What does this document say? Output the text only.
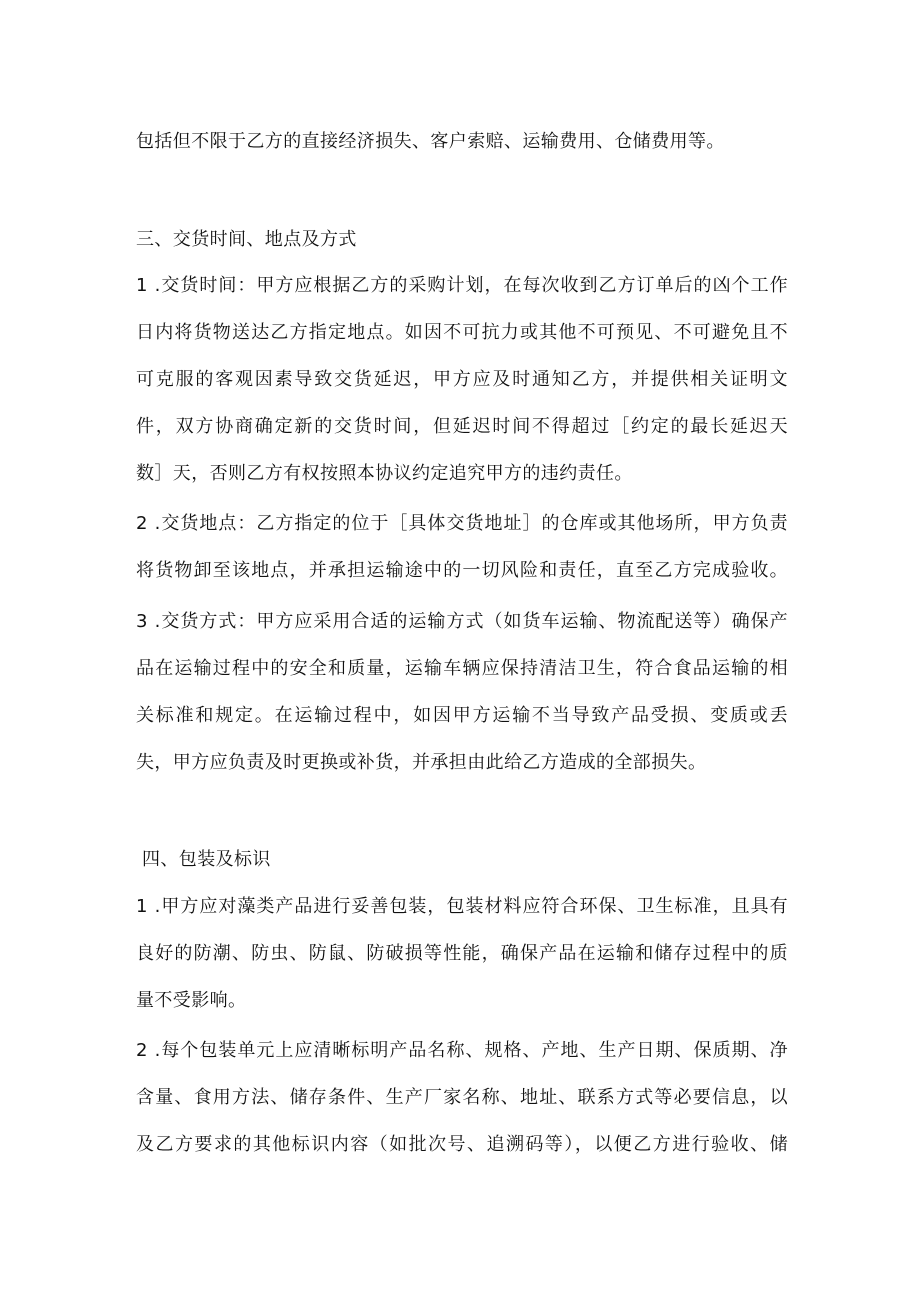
包括但不限于乙方的直接经济损失、客户索赔、运输费用、仓储费用等。
三、交货时间、地点及方式
1 .交货时间：甲方应根据乙方的采购计划，在每次收到乙方订单后的凶个工作
日内将货物送达乙方指定地点。如因不可抗力或其他不可预见、不可避免且不
可克服的客观因素导致交货延迟，甲方应及时通知乙方，并提供相关证明文
件，双方协商确定新的交货时间，但延迟时间不得超过［约定的最长延迟天
数］天，否则乙方有权按照本协议约定追究甲方的违约责任。
2 .交货地点：乙方指定的位于［具体交货地址］的仓库或其他场所，甲方负责
将货物卸至该地点，并承担运输途中的一切风险和责任，直至乙方完成验收。
3 .交货方式：甲方应采用合适的运输方式（如货车运输、物流配送等）确保产
品在运输过程中的安全和质量，运输车辆应保持清洁卫生，符合食品运输的相
关标准和规定。在运输过程中，如因甲方运输不当导致产品受损、变质或丢
失，甲方应负责及时更换或补货，并承担由此给乙方造成的全部损失。
四、包装及标识
1 .甲方应对藻类产品进行妥善包装，包装材料应符合环保、卫生标准，且具有
良好的防潮、防虫、防鼠、防破损等性能，确保产品在运输和储存过程中的质
量不受影响。
2 .每个包装单元上应清晰标明产品名称、规格、产地、生产日期、保质期、净
含量、食用方法、储存条件、生产厂家名称、地址、联系方式等必要信息，以
及乙方要求的其他标识内容（如批次号、追溯码等），以便乙方进行验收、储
